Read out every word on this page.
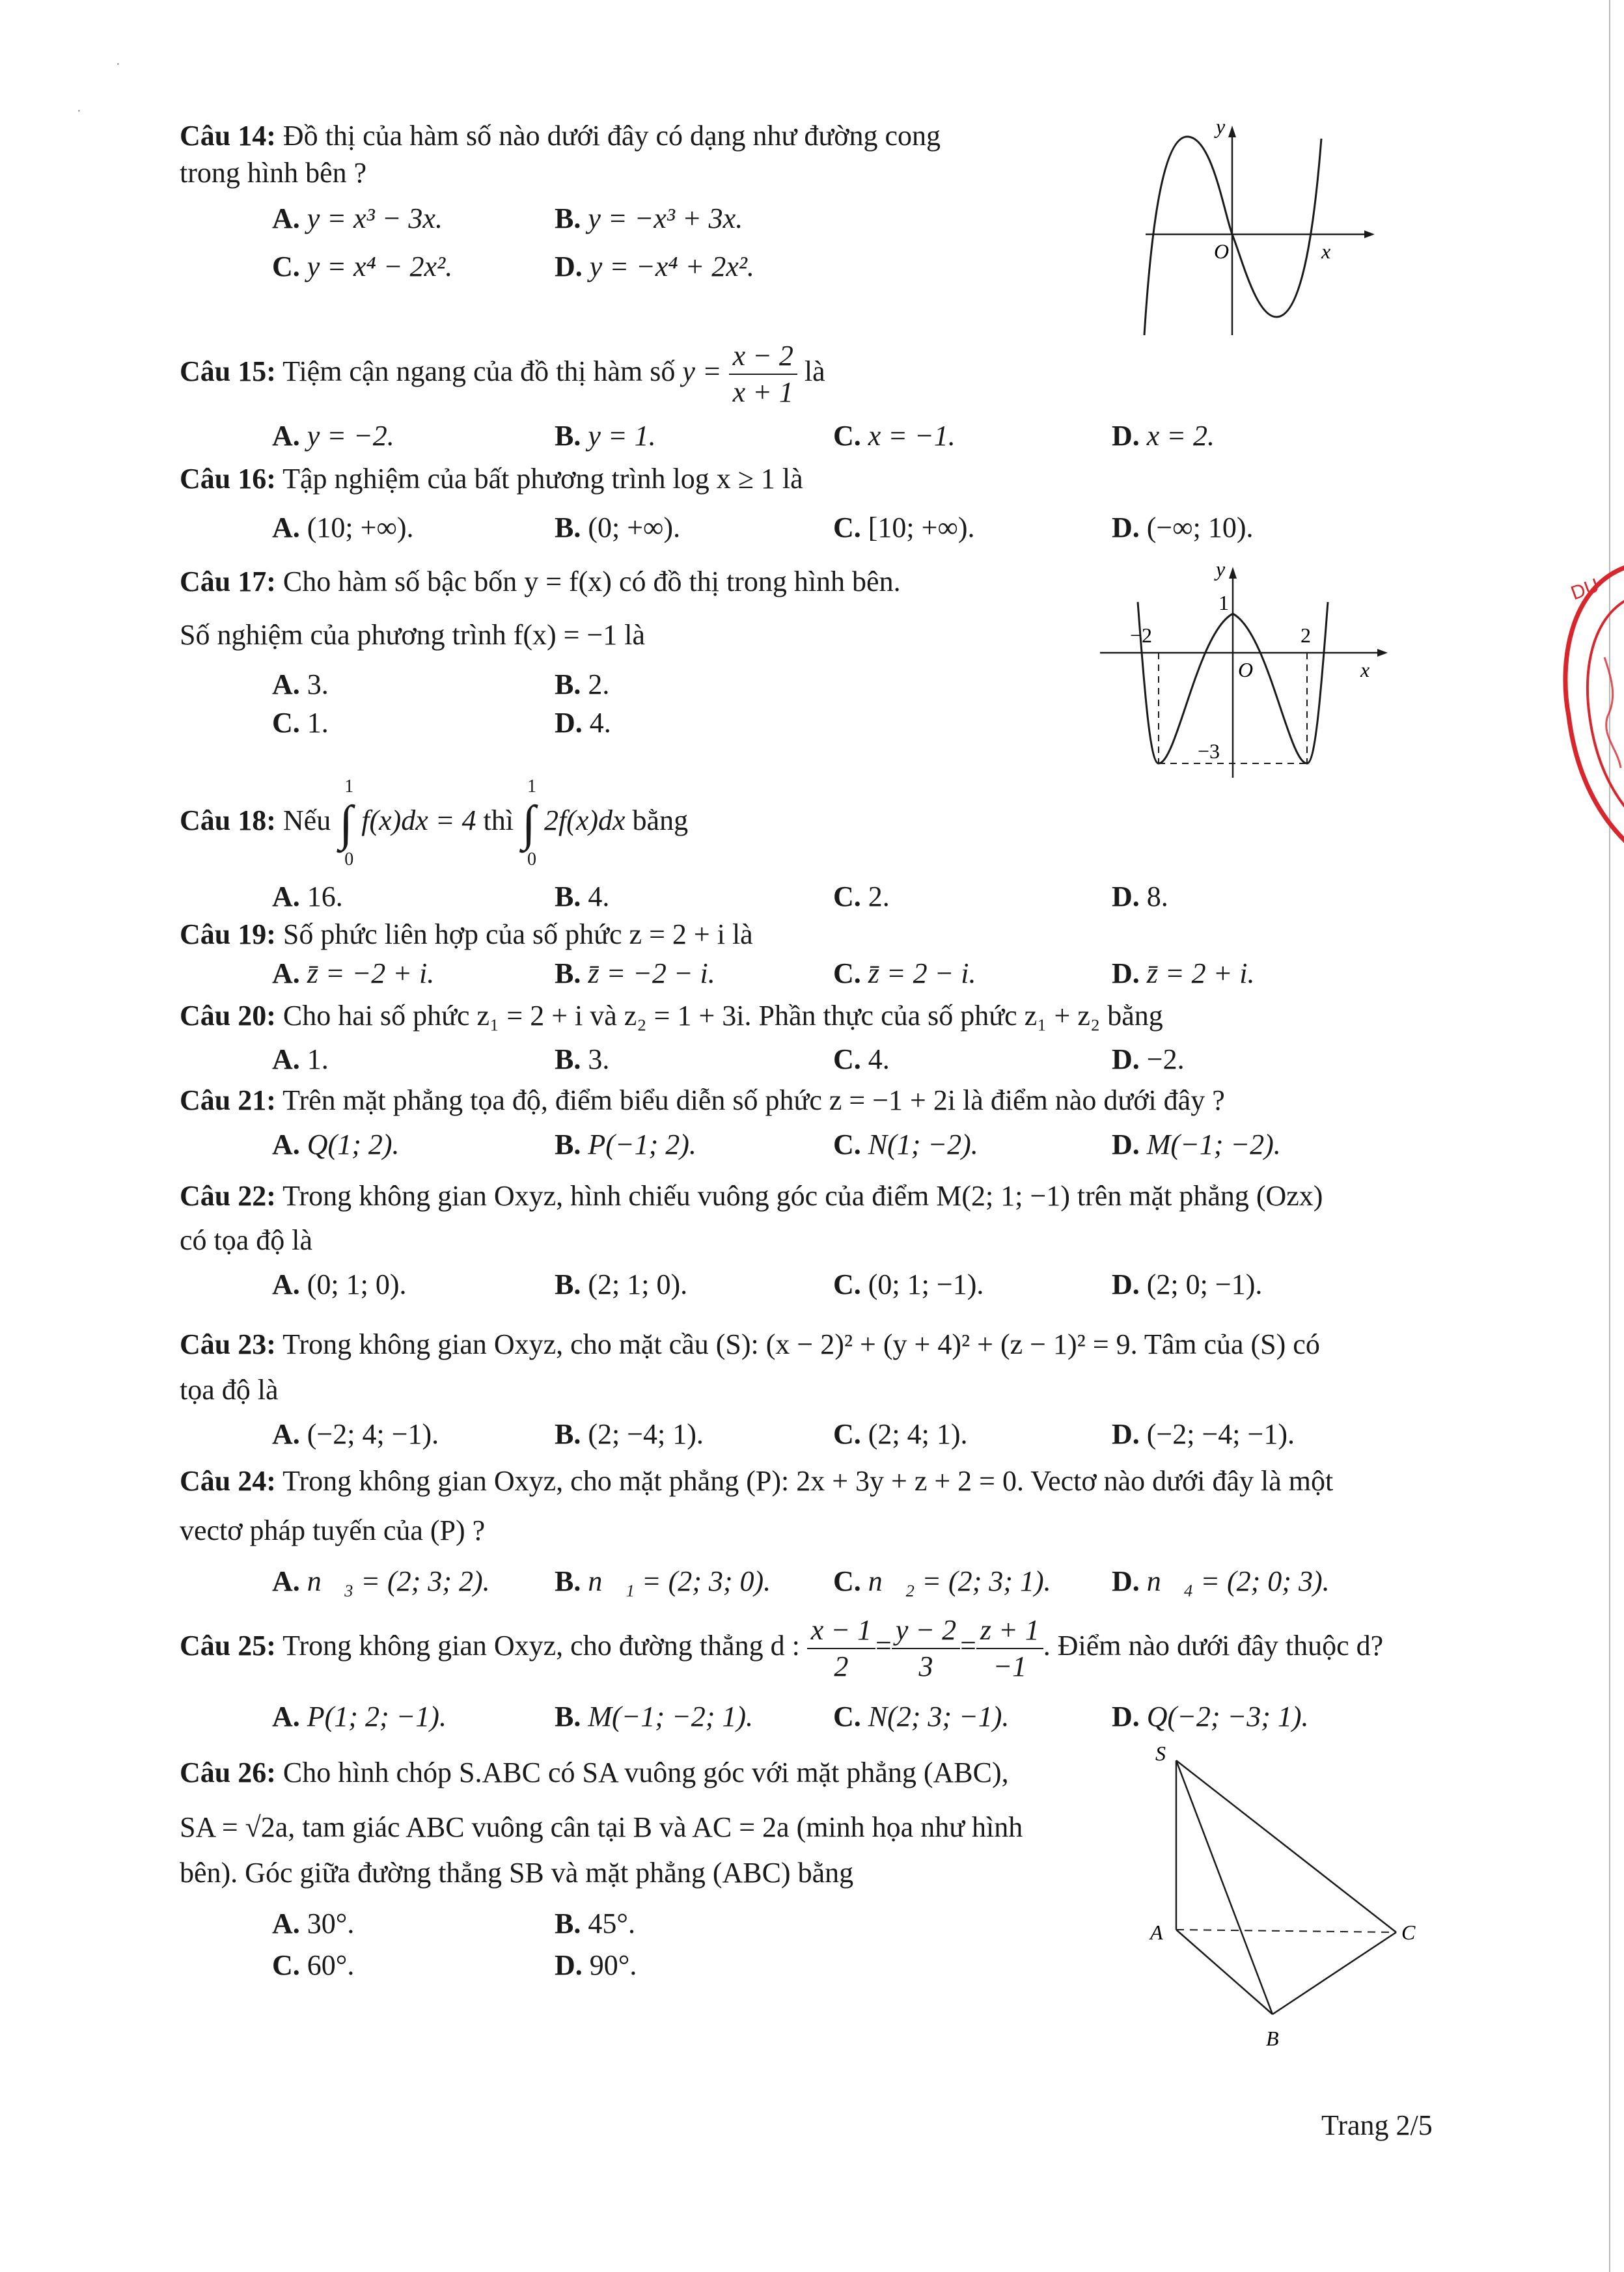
·
·
Câu 14: Đồ thị của hàm số nào dưới đây có dạng như đường cong
trong hình bên ?
A. y = x³ − 3x.	B. y = −x³ + 3x.
C. y = x⁴ − 2x².	D. y = −x⁴ + 2x².
y
O	x
Câu 15: Tiệm cận ngang của đồ thị hàm số $y = \frac{x - 2}{x + 1}$ là
A. y = −2.	B. y = 1.	C. x = −1.	D. x = 2.
Câu 16: Tập nghiệm của bất phương trình log x ≥ 1 là
A. (10; +∞).	B. (0; +∞).	C. [10; +∞).	D. (−∞; 10).
Câu 17: Cho hàm số bậc bốn y = f(x) có đồ thị trong hình bên.
Số nghiệm của phương trình f(x) = −1 là
A. 3.	B. 2.
C. 1.	D. 4.
y
1
−2	2
O	x
−3
Câu 18: Nếu
1
∫
0
f(x)dx = 4 thì
1
∫
0
2f(x)dx bằng
A. 16.	B. 4.	C. 2.	D. 8.
Câu 19: Số phức liên hợp của số phức z = 2 + i là
A. z̄ = −2 + i.	B. z̄ = −2 − i.	C. z̄ = 2 − i.	D. z̄ = 2 + i.
Câu 20: Cho hai số phức z₁ = 2 + i và z₂ = 1 + 3i. Phần thực của số phức z₁ + z₂ bằng
A. 1.	B. 3.	C. 4.	D. −2.
Câu 21: Trên mặt phẳng tọa độ, điểm biểu diễn số phức z = −1 + 2i là điểm nào dưới đây ?
A. Q(1; 2).	B. P(−1; 2).	C. N(1; −2).	D. M(−1; −2).
Câu 22: Trong không gian Oxyz, hình chiếu vuông góc của điểm M(2; 1; −1) trên mặt phẳng (Ozx)
có tọa độ là
A. (0; 1; 0).	B. (2; 1; 0).	C. (0; 1; −1).	D. (2; 0; −1).
Câu 23: Trong không gian Oxyz, cho mặt cầu (S): (x − 2)² + (y + 4)² + (z − 1)² = 9. Tâm của (S) có
tọa độ là
A. (−2; 4; −1).	B. (2; −4; 1).	C. (2; 4; 1).	D. (−2; −4; −1).
Câu 24: Trong không gian Oxyz, cho mặt phẳng (P): 2x + 3y + z + 2 = 0. Vectơ nào dưới đây là một
vectơ pháp tuyến của (P) ?
A. n⃗₃ = (2; 3; 2). B. n⃗₁ = (2; 3; 0). C. n⃗₂ = (2; 3; 1). D. n⃗₄ = (2; 0; 3).
Câu 25: Trong không gian Oxyz, cho đường thẳng d : $\frac{x - 1}{2} = \frac{y - 2}{3} = \frac{z + 1}{-1}$ . Điểm nào dưới đây thuộc d?
A. P(1; 2; −1).	B. M(−1; −2; 1).	C. N(2; 3; −1).	D. Q(−2; −3; 1).
Câu 26: Cho hình chóp S.ABC có SA vuông góc với mặt phẳng (ABC),
SA = √2a, tam giác ABC vuông cân tại B và AC = 2a (minh họa như hình
bên). Góc giữa đường thẳng SB và mặt phẳng (ABC) bằng
A. 30°.	B. 45°.
C. 60°.	D. 90°.
S
A
B
C
DU
Trang 2/5
